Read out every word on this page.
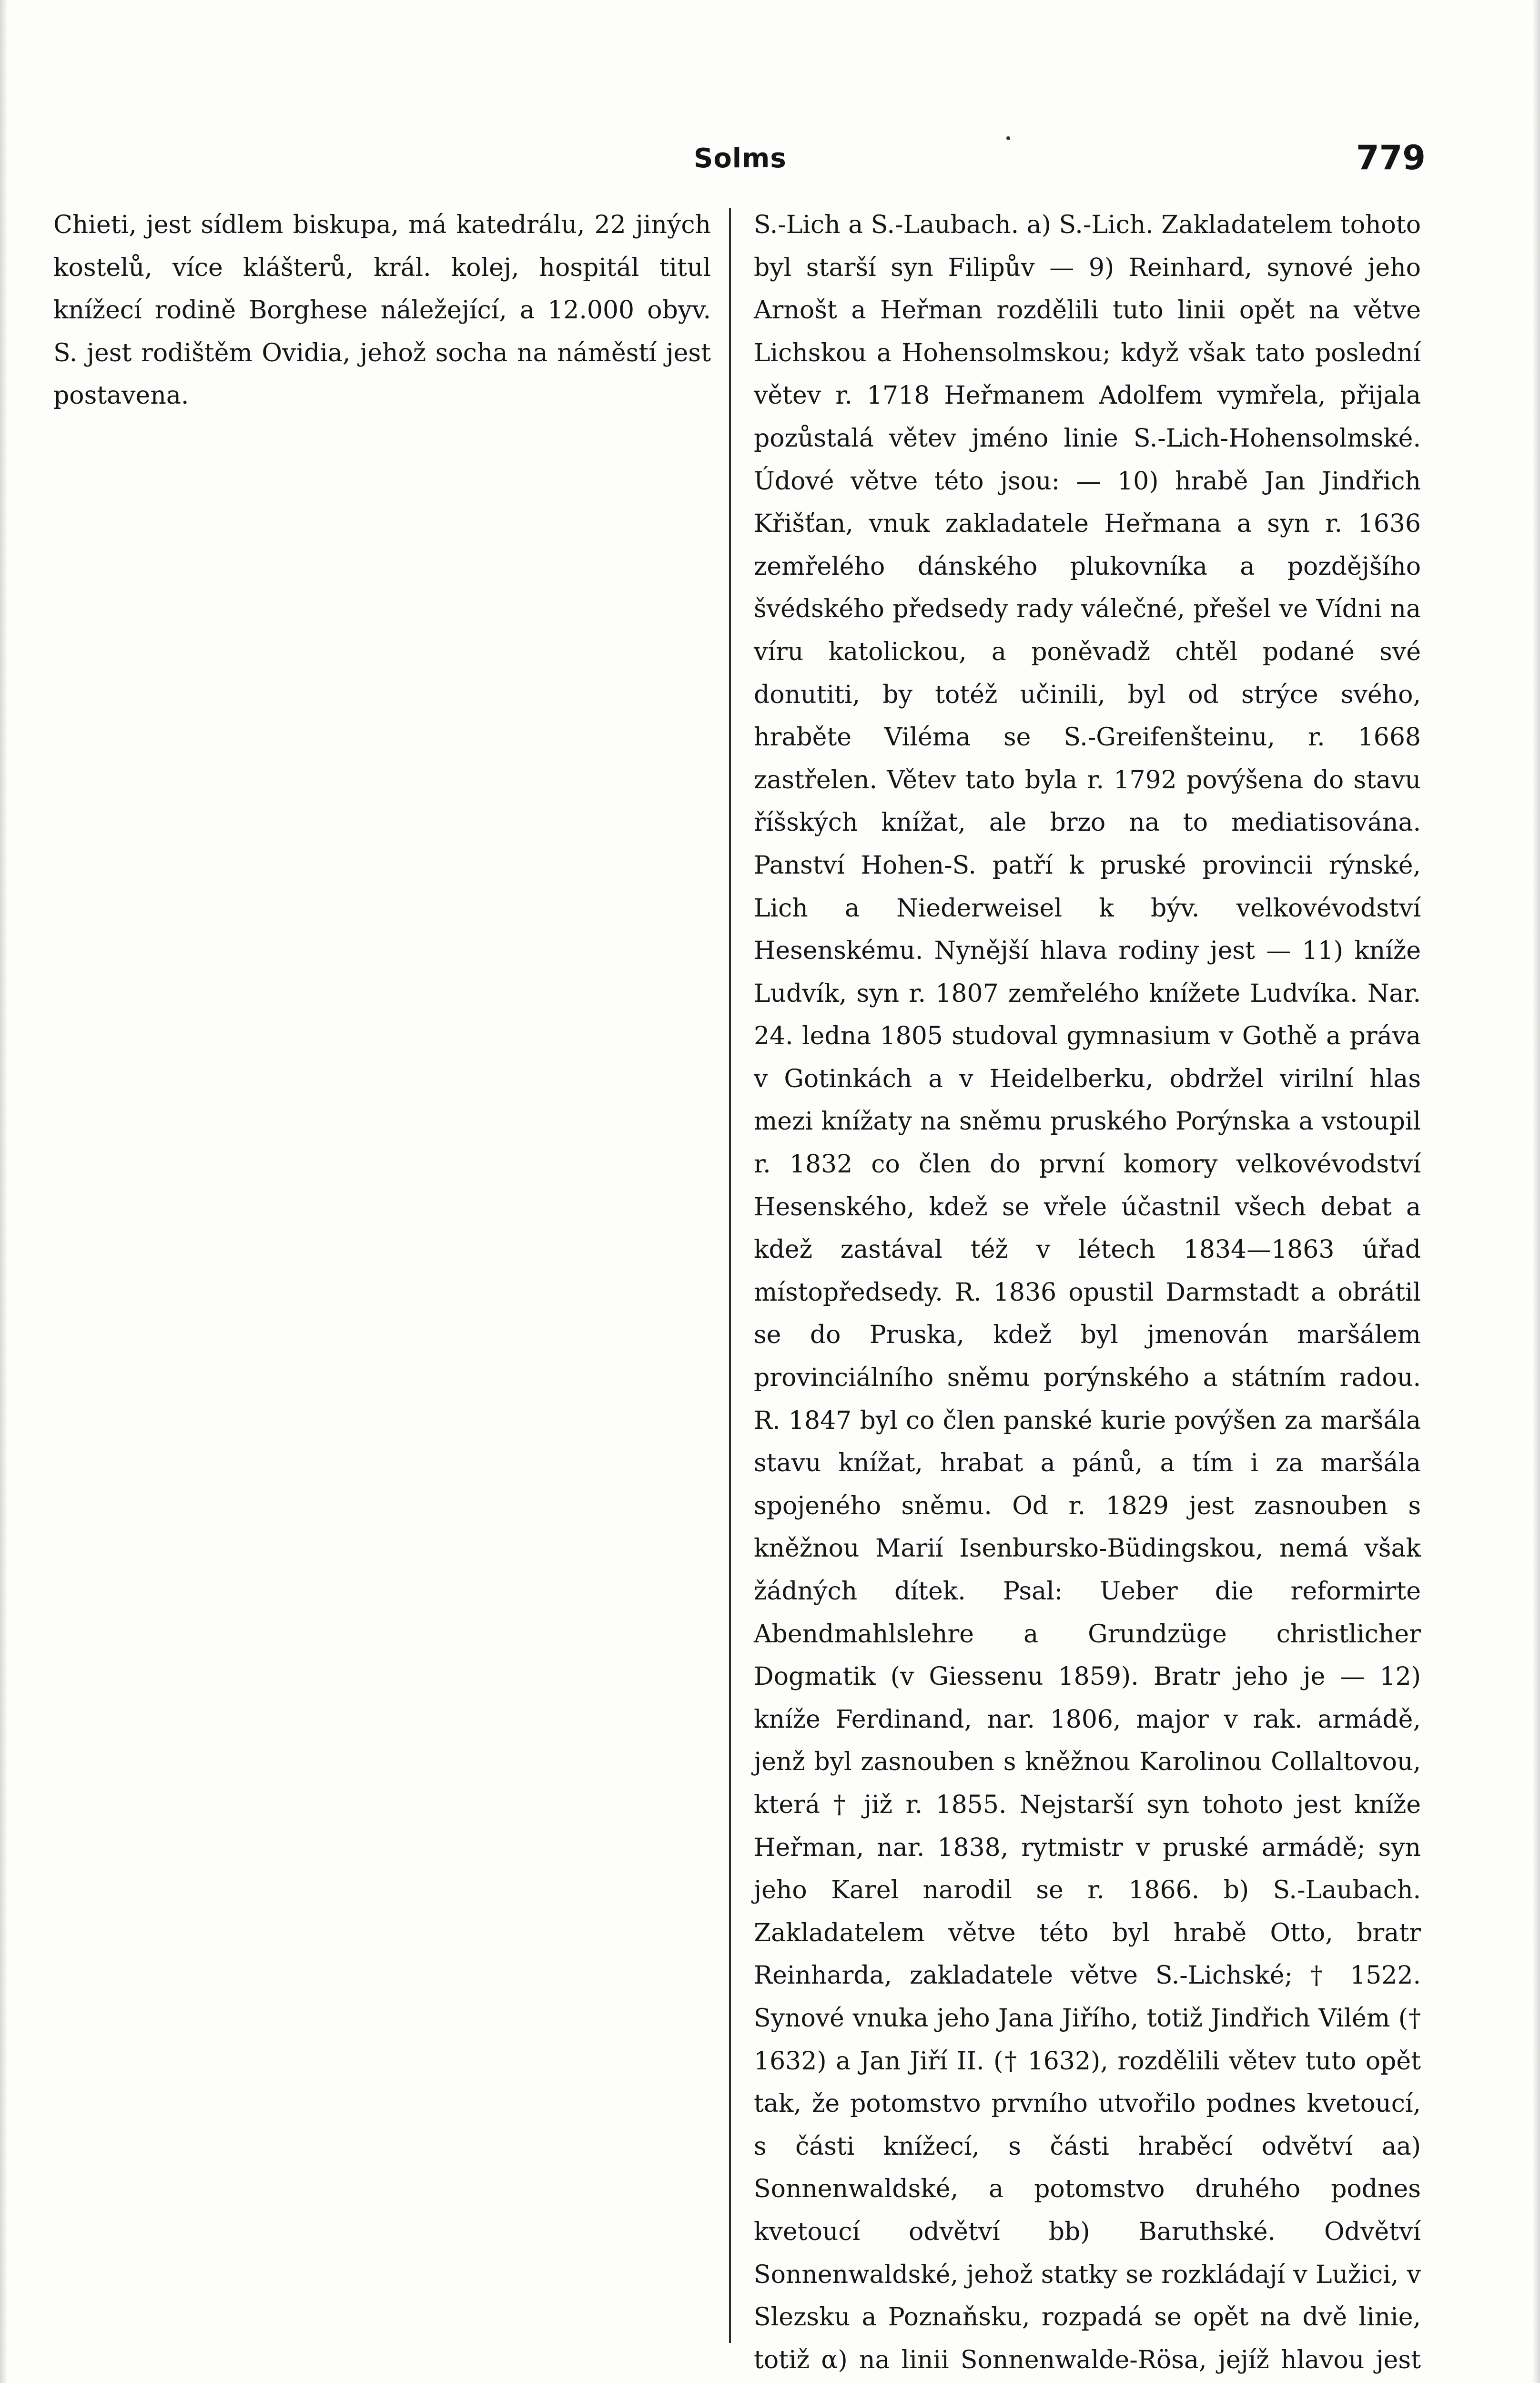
Solms	779

Chieti, jest sídlem biskupa, má katedrálu, 22 jiných kostelů, více klášterů, král. kolej, hospitál titul knížecí rodině Borghese náležející, a 12.000 obyv. S. jest rodištěm Ovidia, jehož socha na náměstí jest postavena.

S.-Lich a S.-Laubach. a) S.-Lich. Zakladatelem tohoto byl starší syn Filipův — 9) Reinhard, synové jeho Arnošt a Heřman rozdělili tuto linii opět na větve Lichskou a Hohensolmskou; když však tato poslední větev r. 1718 Heřmanem Adolfem vymřela, přijala pozůstalá větev jméno linie S.-Lich-Hohensolmské. Údové větve této jsou: — 10) hrabě Jan Jindřich Křišťan, vnuk zakladatele Heřmana a syn r. 1636 zemřelého dánského plukovníka a pozdějšího švédského předsedy rady válečné, přešel ve Vídni na víru katolickou, a poněvadž chtěl podané své donutiti, by totéž učinili, byl od strýce svého, hraběte Viléma se S.-Greifenšteinu, r. 1668 zastřelen. Větev tato byla r. 1792 povýšena do stavu říšských knížat, ale brzo na to mediatisována. Panství Hohen-S. patří k pruské provincii rýnské, Lich a Niederweisel k býv. velkovévodství Hesenskému. Nynější hlava rodiny jest — 11) kníže Ludvík, syn r. 1807 zemřelého knížete Ludvíka. Nar. 24. ledna 1805 studoval gymnasium v Gothě a práva v Gotinkách a v Heidelberku, obdržel virilní hlas mezi knížaty na sněmu pruského Porýnska a vstoupil r. 1832 co člen do první komory velkovévodství Hesenského, kdež se vřele účastnil všech debat a kdež zastával též v létech 1834—1863 úřad místopředsedy. R. 1836 opustil Darmstadt a obrátil se do Pruska, kdež byl jmenován maršálem provinciálního sněmu porýnského a státním radou. R. 1847 byl co člen panské kurie povýšen za maršála stavu knížat, hrabat a pánů, a tím i za maršála spojeného sněmu. Od r. 1829 jest zasnouben s kněžnou Marií Isenbursko-Büdingskou, nemá však žádných dítek. Psal: Ueber die reformirte Abendmahlslehre a Grundzüge christlicher Dogmatik (v Giessenu 1859). Bratr jeho je — 12) kníže Ferdinand, nar. 1806, major v rak. armádě, jenž byl zasnouben s kněžnou Karolinou Collaltovou, která † již r. 1855. Nejstarší syn tohoto jest kníže Heřman, nar. 1838, rytmistr v pruské armádě; syn jeho Karel narodil se r. 1866. b) S.-Laubach. Zakladatelem větve této byl hrabě Otto, bratr Reinharda, zakladatele větve S.-Lichské; † 1522. Synové vnuka jeho Jana Jiřího, totiž Jindřich Vilém († 1632) a Jan Jiří II. († 1632), rozdělili větev tuto opět tak, že potomstvo prvního utvořilo podnes kvetoucí, s části knížecí, s části hraběcí odvětví aa) Sonnenwaldské, a potomstvo druhého podnes kvetoucí odvětví bb) Baruthské. Odvětví Sonnenwaldské, jehož statky se rozkládají v Lužici, v Slezsku a Poznaňsku, rozpadá se opět na dvě linie, totiž α) na linii Sonnenwalde-Rösa, jejíž hlavou jest
